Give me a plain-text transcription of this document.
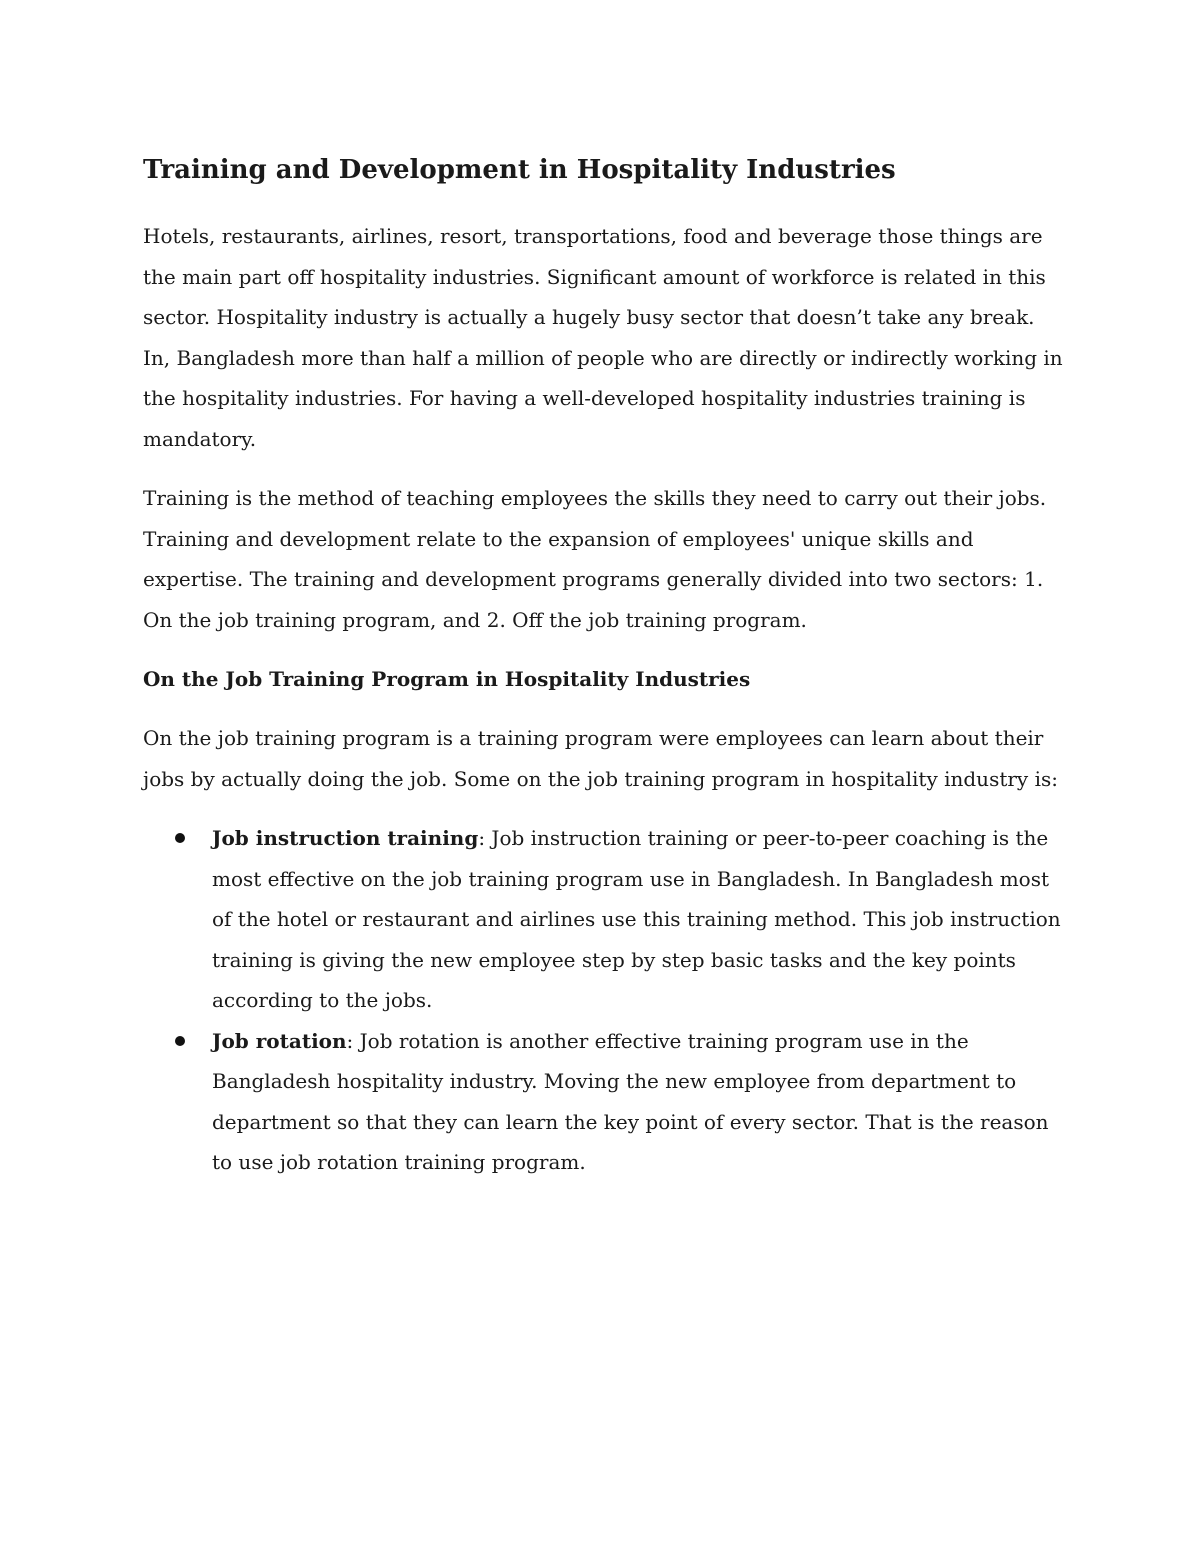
Training and Development in Hospitality Industries

Hotels, restaurants, airlines, resort, transportations, food and beverage those things are the main part off hospitality industries. Significant amount of workforce is related in this sector. Hospitality industry is actually a hugely busy sector that doesn’t take any break. In, Bangladesh more than half a million of people who are directly or indirectly working in the hospitality industries. For having a well-developed hospitality industries training is mandatory.

Training is the method of teaching employees the skills they need to carry out their jobs. Training and development relate to the expansion of employees' unique skills and expertise. The training and development programs generally divided into two sectors: 1. On the job training program, and 2. Off the job training program.

On the Job Training Program in Hospitality Industries

On the job training program is a training program were employees can learn about their jobs by actually doing the job. Some on the job training program in hospitality industry is:

Job instruction training: Job instruction training or peer-to-peer coaching is the most effective on the job training program use in Bangladesh. In Bangladesh most of the hotel or restaurant and airlines use this training method. This job instruction training is giving the new employee step by step basic tasks and the key points according to the jobs.
Job rotation: Job rotation is another effective training program use in the Bangladesh hospitality industry. Moving the new employee from department to department so that they can learn the key point of every sector. That is the reason to use job rotation training program.
